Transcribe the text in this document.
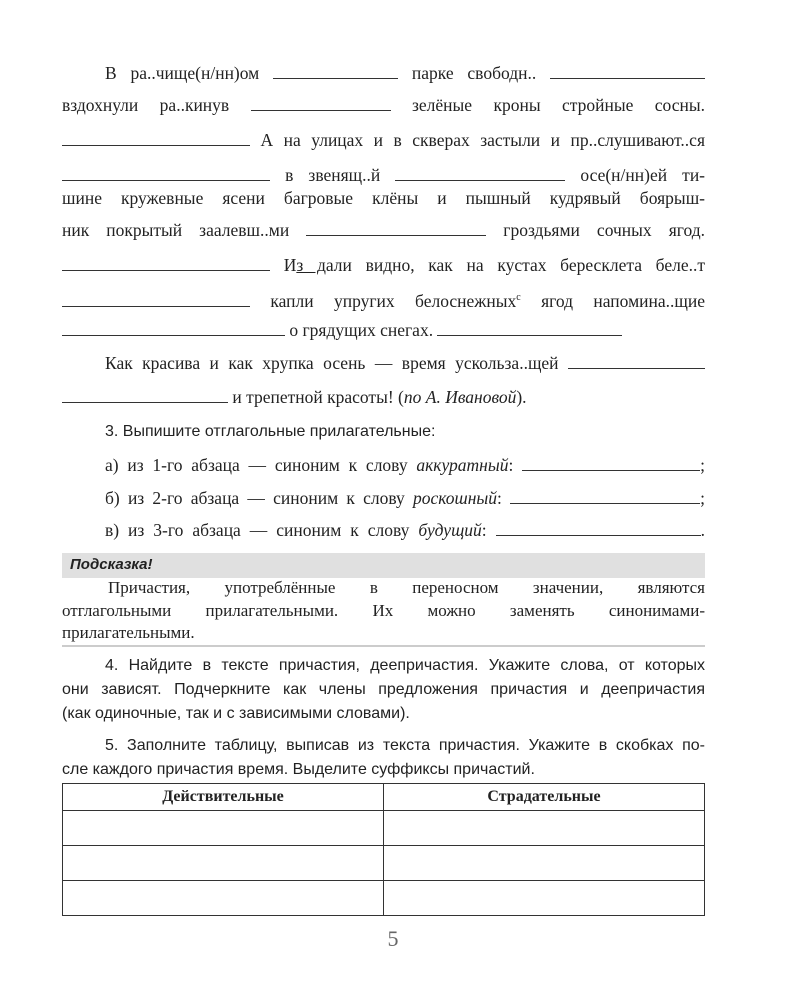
В ра..чище(н/нн)ом	парке свободн..
вздохнули ра..кинув	зелёные кроны стройные сосны.
А на улицах и в скверах застыли и пр..слушивают..ся
в звенящ..й	осе(н/нн)ей ти-
шине кружевные ясени багровые клёны и пышный кудрявый боярыш-
ник покрытый заалевш..ми	гроздьями сочных ягод.
Из дали видно, как на кустах бересклета беле..т
капли упругих белоснежных$^с$ ягод напомина..щие
о грядущих снегах.
Как красива и как хрупка осень — время ускольза..щей
и трепетной красоты! (по А. Ивановой).
3. Выпишите отглагольные прилагательные:
а) из 1-го абзаца — синоним к слову аккуратный:	;
б) из 2-го абзаца — синоним к слову роскошный:	;
в) из 3-го абзаца — синоним к слову будущий:	.
Подсказка!
Причастия, употреблённые в переносном значении, являются
отглагольными прилагательными. Их можно заменять синонимами-
прилагательными.
4. Найдите в тексте причастия, деепричастия. Укажите слова, от которых
они зависят. Подчеркните как члены предложения причастия и деепричастия
(как одиночные, так и с зависимыми словами).
5. Заполните таблицу, выписав из текста причастия. Укажите в скобках по-
сле каждого причастия время. Выделите суффиксы причастий.
Действительные	Страдательные

5
